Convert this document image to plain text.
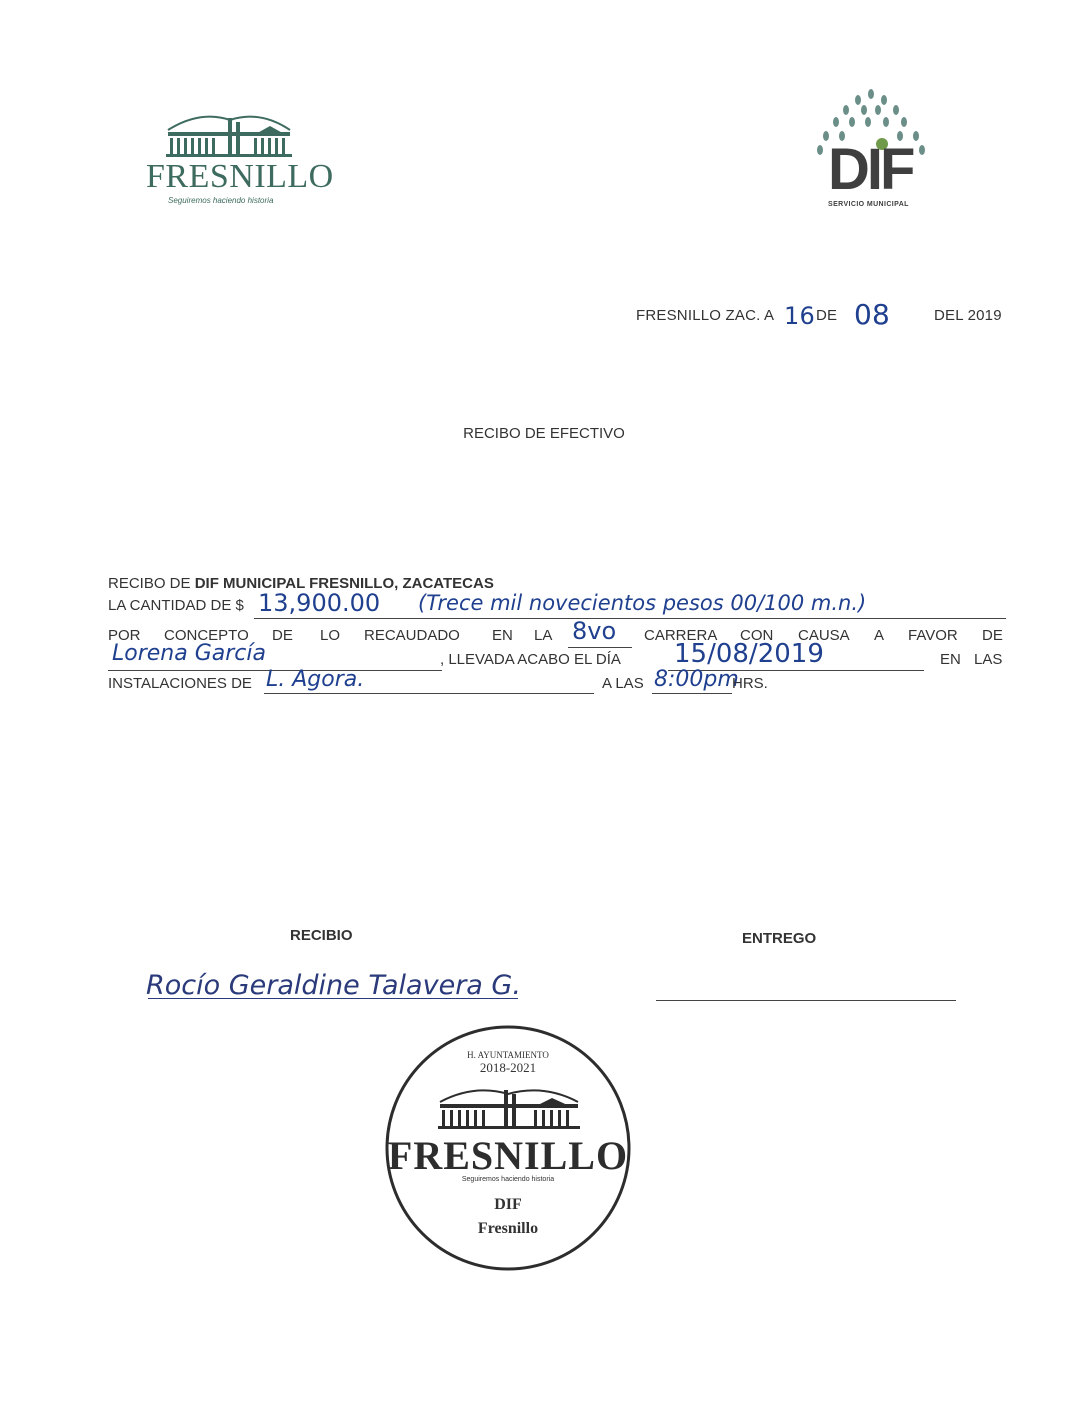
FRESNILLO
Seguiremos haciendo historia	DIF
SERVICIO MUNICIPAL
FRESNILLO ZAC. A 16 DE 08	DEL 2019
RECIBO DE EFECTIVO
RECIBO DE DIF MUNICIPAL FRESNILLO, ZACATECAS
LA CANTIDAD DE $ 13,900.00 (Trece mil novecientos pesos 00/100 m.n.)
POR CONCEPTO DE LO RECAUDADO EN LA 8vo CARRERA CON CAUSA A FAVOR DE
Lorena García	, LLEVADA ACABO EL DÍA 15/08/2019	EN LAS
INSTALACIONES DE L. Agora.	A LAS 8:00pm
HRS.
RECIBIO	ENTREGO
Rocío Geraldine Talavera G.
H. AYUNTAMIENTO
2018-2021
FRESNILLO
Seguiremos haciendo historia
DIF
Fresnillo
